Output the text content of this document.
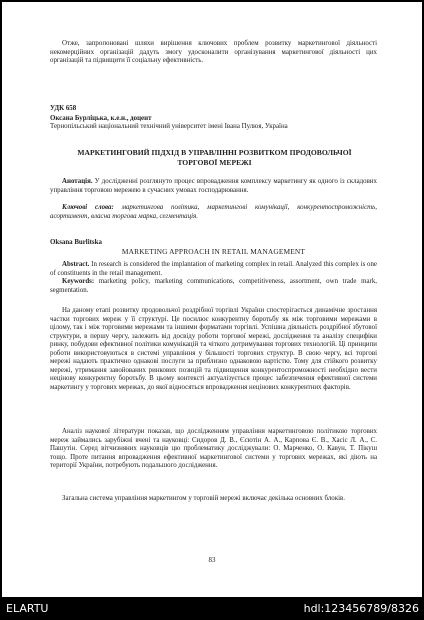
Отже, запропоновані шляхи вирішення ключових проблем розвитку маркетингової діяльності некомерційних організацій дадуть змогу удосконалити організування маркетингової діяльності цих організацій та підвищити її соціальну ефективність.
УДК 658
Оксана Бурліцька, к.е.н., доцент
Тернопільський національний технічний університет імені Івана Пулюя, Україна
МАРКЕТИНГОВИЙ ПІДХІД В УПРАВЛІННІ РОЗВИТКОМ ПРОДОВОЛЬЧОЇ ТОРГОВОЇ МЕРЕЖІ
Анотація. У дослідженні розглянуто процес впровадження комплексу маркетингу як одного із складових управління торговою мережею в сучасних умовах господарювання.
Ключові слова: маркетингова політика, маркетингові комунікації, конкурентоспроможність, асортимент, власна торгова марка, сегментація.
Oksana Burlitska
MARKETING APPROACH IN RETAIL MANAGEMENT
Abstract. In research is considered the implantation of marketing complex in retail. Analyzed this complex is one of constituents in the retail management.
Keywords: marketing policy, marketing communications, competitiveness, assortment, own trade mark, segmentation.
На даному етапі розвитку продовольчої роздрібної торгівлі України спостерігається динамічне зростання частки торгових мереж у її структурі. Це посилює конкурентну боротьбу як між торговими мережами в цілому, так і між торговими мережами та іншими форматами торгівлі. Успішна діяльність роздрібної збутової структури, в першу чергу, залежить від досвіду роботи торгової мережі, дослідження та аналізу специфіки ринку, побудови ефективної політики комунікацій та чіткого дотримування торгових технологій. Ці принципи роботи використовуються в системі управління у більшості торгових структур. В свою чергу, всі торгові мережі надають практично однакові послуги за приблизно однаковою вартістю. Тому для стійкого розвитку мережі, утримання завойованих ринкових позицій та підвищення конкурентоспроможності необхідно вести нецінову конкурентну боротьбу. В цьому контексті актуалізується процес забезпечення ефективної системи маркетингу у торгових мережах, до якої відносяться впровадження нецінових конкурентних факторів.
Аналіз наукової літератури показав, що дослідженням управління маркетинговою політикою торгових мереж займались зарубіжні вчені та науковці: Сидоров Д. В., Єсютін А. А., Карпова Є. В., Хасіс Л. А., С. Пашутін. Серед вітчизняних науковців цю проблематику досліджували: О. Марченко, О. Кавун, Т. Пікуш тощо. Проте питання впровадження ефективної маркетингової системи у торгових мережах, які діють на території України, потребують подальшого дослідження.
Загальна система управління маркетингом у торговій мережі включає декілька основних блоків.
83
ELARTU	hdl:123456789/8326
